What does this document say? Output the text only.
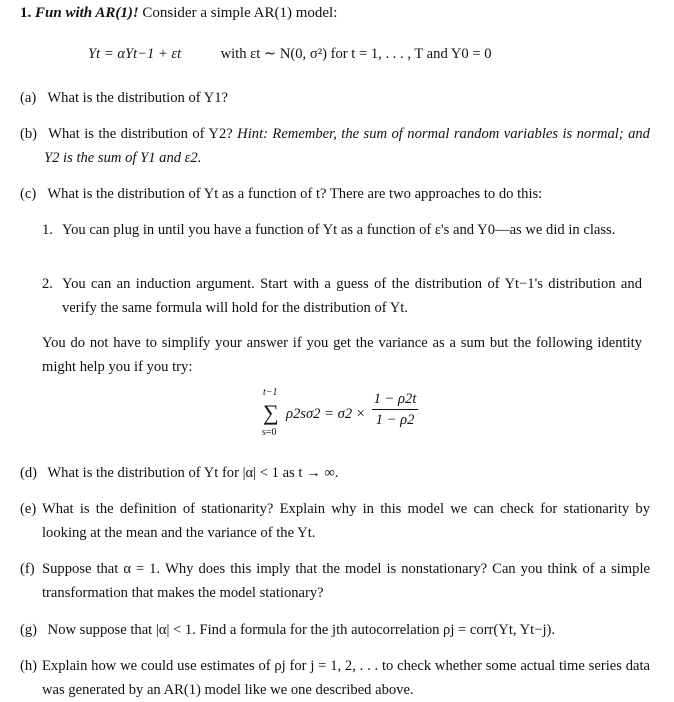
1. Fun with AR(1)! Consider a simple AR(1) model:
Yt = αYt−1 + εt	with εt ∼ N(0, σ²) for t = 1, . . . , T and Y0 = 0
(a) What is the distribution of Y1?
(b) What is the distribution of Y2? Hint: Remember, the sum of normal random variables is normal; and Y2 is the sum of Y1 and ε2.
(c) What is the distribution of Yt as a function of t? There are two approaches to do this:
1. You can plug in until you have a function of Yt as a function of ε's and Y0—as we did in class.
2. You can an induction argument. Start with a guess of the distribution of Yt−1's distribution and verify the same formula will hold for the distribution of Yt.
You do not have to simplify your answer if you get the variance as a sum but the following identity might help you if you try:
t−1
∑
s=0
$\rho 2s\sigma 2 = \sigma 2 \times \frac{1 - \rho 2t}{1 - \rho 2}$
(d) What is the distribution of Yt for |α| < 1 as t → ∞.
(e) What is the definition of stationarity? Explain why in this model we can check for stationarity by looking at the mean and the variance of the Yt.
(f) Suppose that α = 1. Why does this imply that the model is nonstationary? Can you think of a simple transformation that makes the model stationary?
(g) Now suppose that |α| < 1. Find a formula for the jth autocorrelation ρj = corr(Yt, Yt−j).
(h) Explain how we could use estimates of ρj for j = 1, 2, . . . to check whether some actual time series data was generated by an AR(1) model like we one described above.
